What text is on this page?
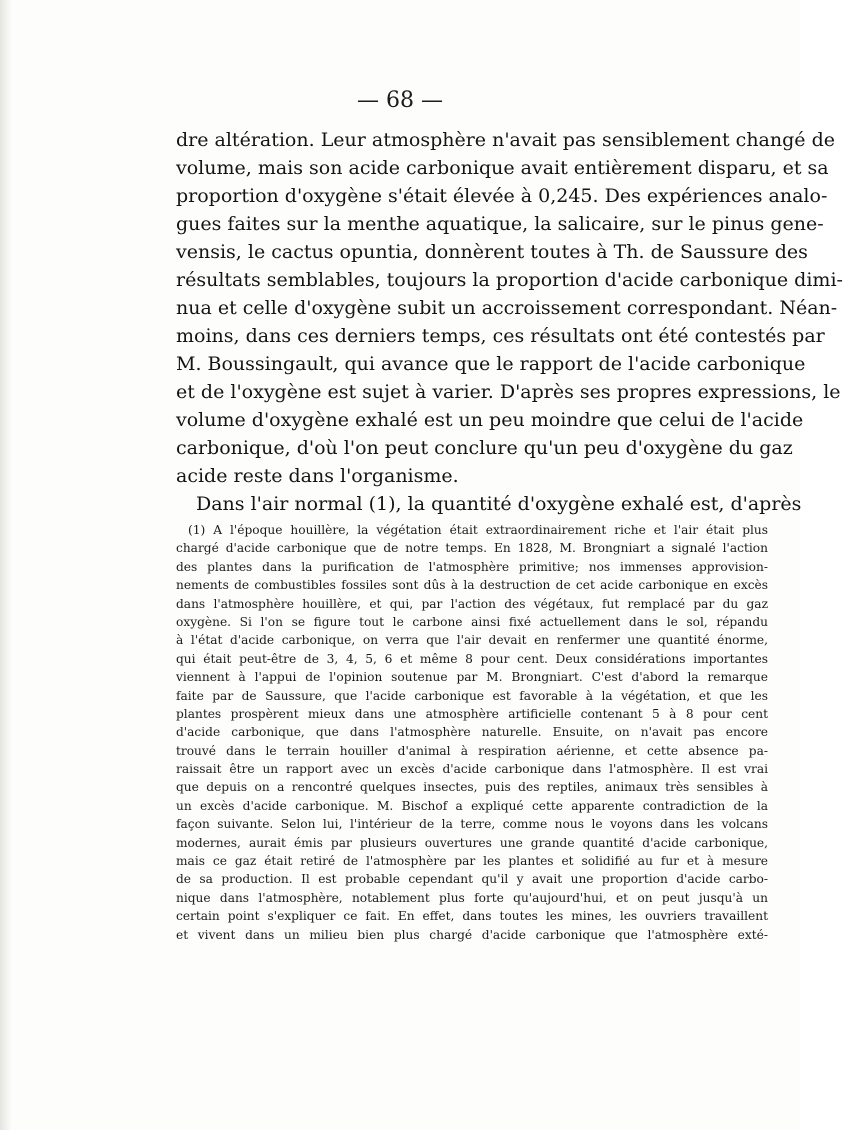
— 68 —

dre altération. Leur atmosphère n'avait pas sensiblement changé de
volume, mais son acide carbonique avait entièrement disparu, et sa
proportion d'oxygène s'était élevée à 0,245. Des expériences analo-
gues faites sur la menthe aquatique, la salicaire, sur le pinus gene-
vensis, le cactus opuntia, donnèrent toutes à Th. de Saussure des
résultats semblables, toujours la proportion d'acide carbonique dimi-
nua et celle d'oxygène subit un accroissement correspondant. Néan-
moins, dans ces derniers temps, ces résultats ont été contestés par
M. Boussingault, qui avance que le rapport de l'acide carbonique
et de l'oxygène est sujet à varier. D'après ses propres expressions, le
volume d'oxygène exhalé est un peu moindre que celui de l'acide
carbonique, d'où l'on peut conclure qu'un peu d'oxygène du gaz
acide reste dans l'organisme.
Dans l'air normal (1), la quantité d'oxygène exhalé est, d'après
(1) A l'époque houillère, la végétation était extraordinairement riche et l'air était plus
chargé d'acide carbonique que de notre temps. En 1828, M. Brongniart a signalé l'action
des plantes dans la purification de l'atmosphère primitive; nos immenses approvision-
nements de combustibles fossiles sont dûs à la destruction de cet acide carbonique en excès
dans l'atmosphère houillère, et qui, par l'action des végétaux, fut remplacé par du gaz
oxygène. Si l'on se figure tout le carbone ainsi fixé actuellement dans le sol, répandu
à l'état d'acide carbonique, on verra que l'air devait en renfermer une quantité énorme,
qui était peut-être de 3, 4, 5, 6 et même 8 pour cent. Deux considérations importantes
viennent à l'appui de l'opinion soutenue par M. Brongniart. C'est d'abord la remarque
faite par de Saussure, que l'acide carbonique est favorable à la végétation, et que les
plantes prospèrent mieux dans une atmosphère artificielle contenant 5 à 8 pour cent
d'acide carbonique, que dans l'atmosphère naturelle. Ensuite, on n'avait pas encore
trouvé dans le terrain houiller d'animal à respiration aérienne, et cette absence pa-
raissait être un rapport avec un excès d'acide carbonique dans l'atmosphère. Il est vrai
que depuis on a rencontré quelques insectes, puis des reptiles, animaux très sensibles à
un excès d'acide carbonique. M. Bischof a expliqué cette apparente contradiction de la
façon suivante. Selon lui, l'intérieur de la terre, comme nous le voyons dans les volcans
modernes, aurait émis par plusieurs ouvertures une grande quantité d'acide carbonique,
mais ce gaz était retiré de l'atmosphère par les plantes et solidifié au fur et à mesure
de sa production. Il est probable cependant qu'il y avait une proportion d'acide carbo-
nique dans l'atmosphère, notablement plus forte qu'aujourd'hui, et on peut jusqu'à un
certain point s'expliquer ce fait. En effet, dans toutes les mines, les ouvriers travaillent
et vivent dans un milieu bien plus chargé d'acide carbonique que l'atmosphère exté-
